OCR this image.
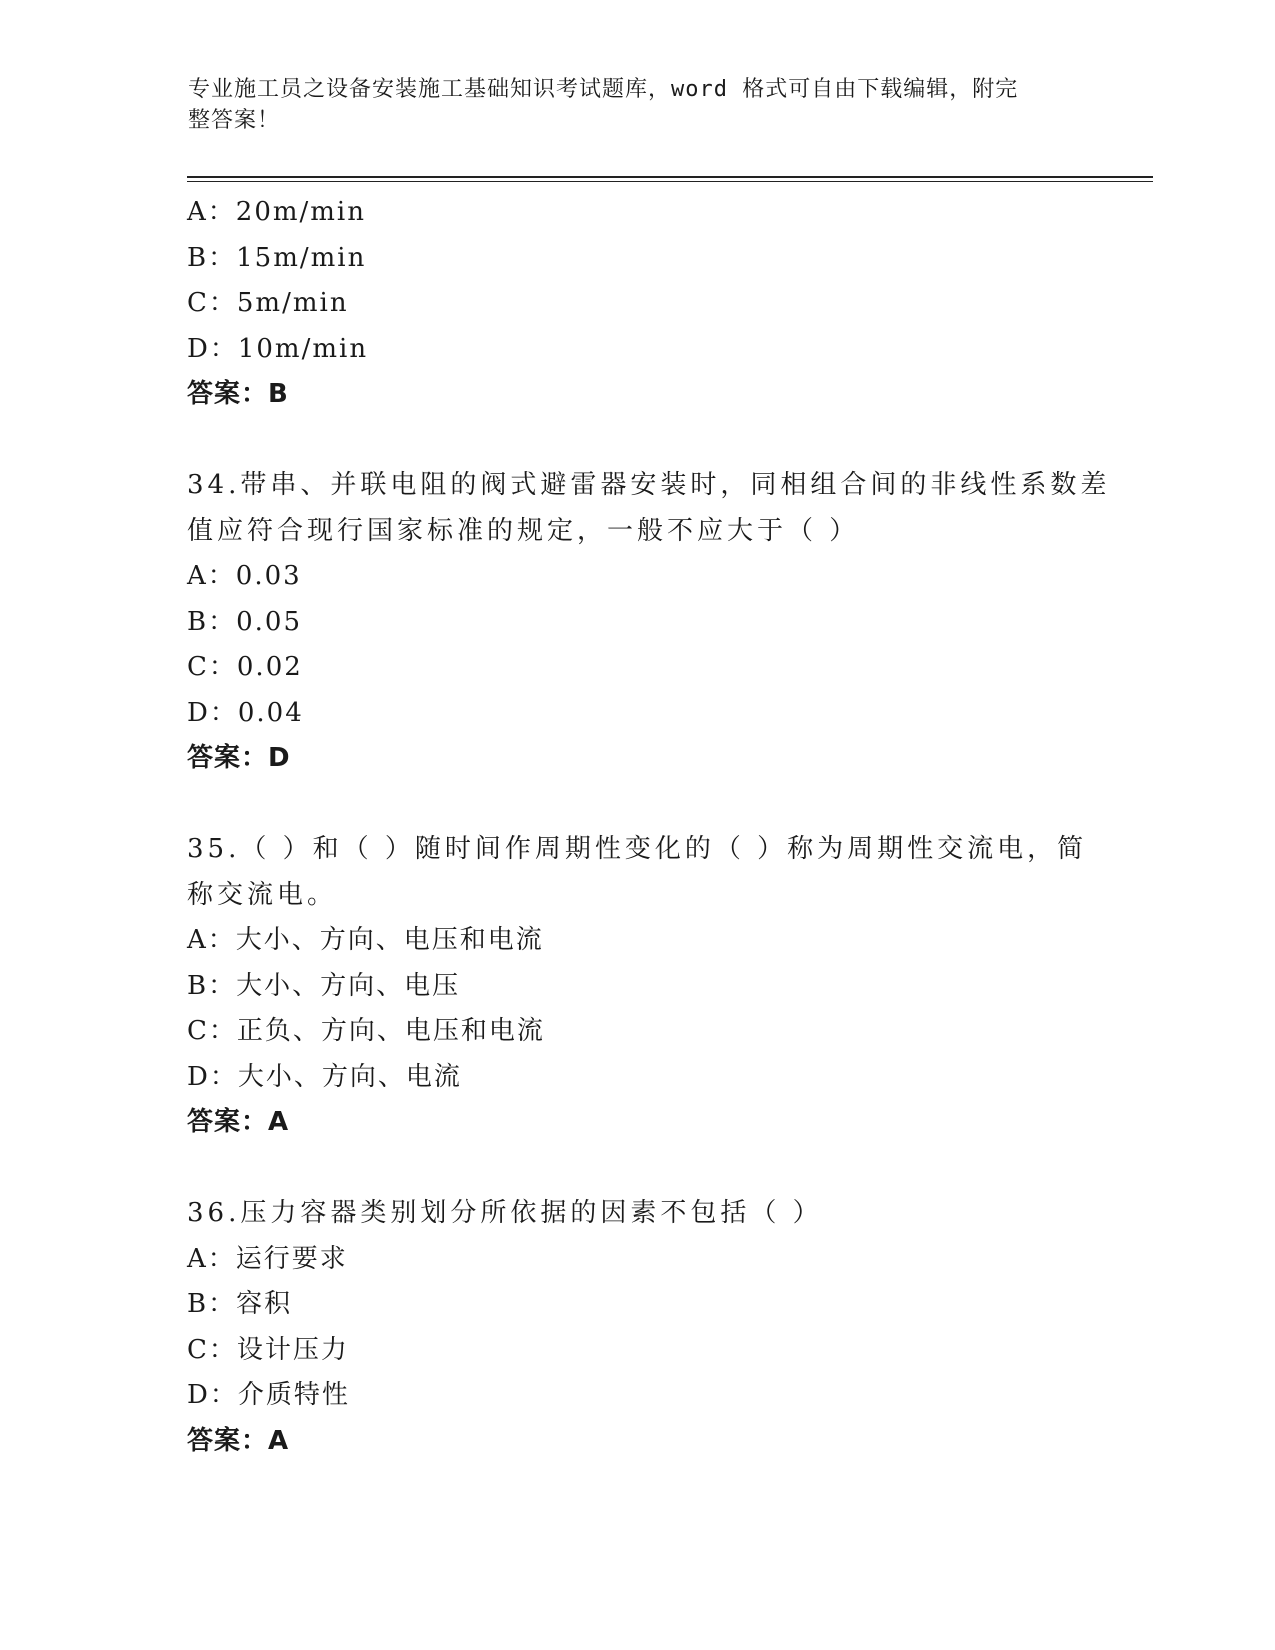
专业施工员之设备安装施工基础知识考试题库，word 格式可自由下载编辑，附完
整答案！
A：20m/min
B：15m/min
C：5m/min
D：10m/min
答案：B
34.带串、并联电阻的阀式避雷器安装时，同相组合间的非线性系数差
值应符合现行国家标准的规定，一般不应大于（ ）
A：0.03
B：0.05
C：0.02
D：0.04
答案：D
35.（ ）和（ ）随时间作周期性变化的（ ）称为周期性交流电，简
称交流电。
A：大小、方向、电压和电流
B：大小、方向、电压
C：正负、方向、电压和电流
D：大小、方向、电流
答案：A
36.压力容器类别划分所依据的因素不包括（ ）
A：运行要求
B：容积
C：设计压力
D：介质特性
答案：A
